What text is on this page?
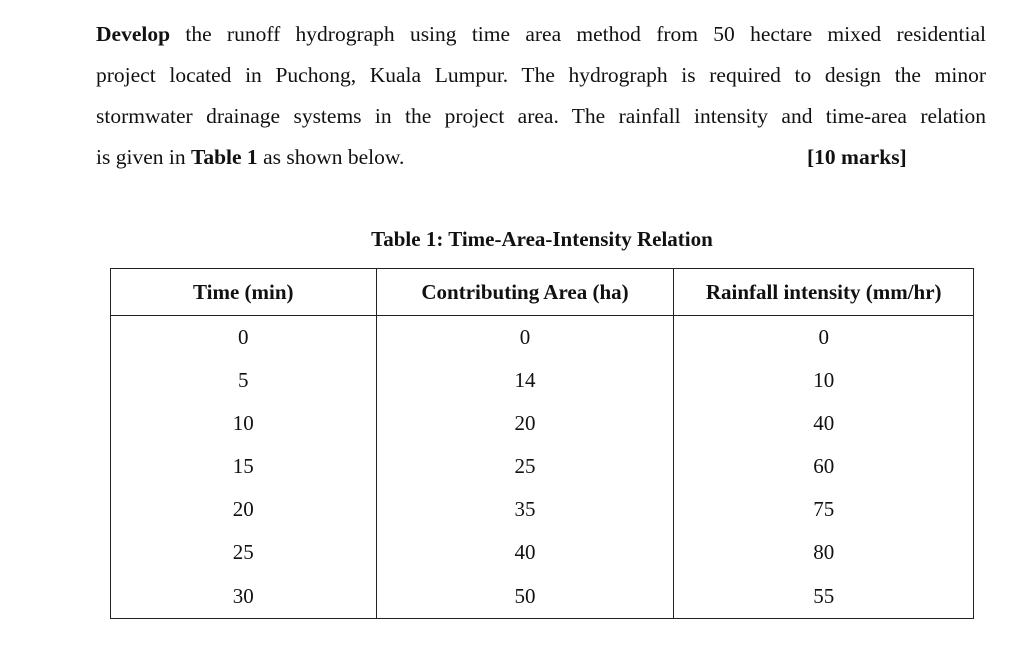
Develop the runoff hydrograph using time area method from 50 hectare mixed residential
project located in Puchong, Kuala Lumpur. The hydrograph is required to design the minor
stormwater drainage systems in the project area. The rainfall intensity and time-area relation
is given in Table 1 as shown below.	[10 marks]
Table 1: Time-Area-Intensity Relation
Time (min)	Contributing Area (ha)	Rainfall intensity (mm/hr)
0	0	0
5	14	10
10	20	40
15	25	60
20	35	75
25	40	80
30	50	55
